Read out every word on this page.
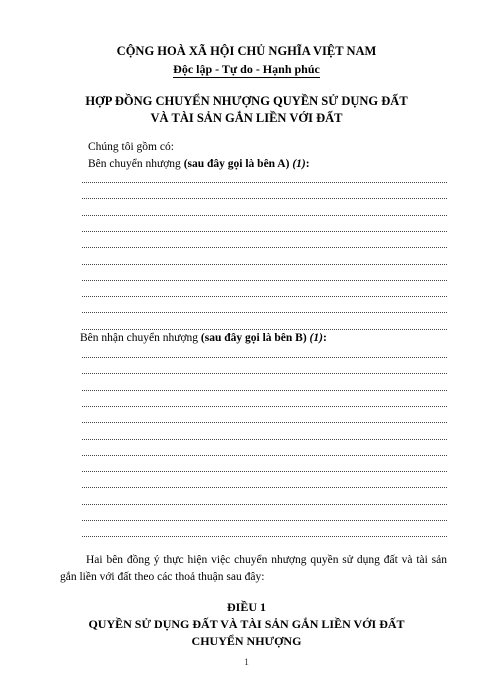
CỘNG HOÀ XÃ HỘI CHỦ NGHĨA VIỆT NAM
Độc lập - Tự do - Hạnh phúc
HỢP ĐỒNG CHUYỂN NHƯỢNG QUYỀN SỬ DỤNG ĐẤT
VÀ TÀI SẢN GẮN LIỀN VỚI ĐẤT
Chúng tôi gồm có:
Bên chuyển nhượng (sau đây gọi là bên A) (1):
Bên nhận chuyển nhượng (sau đây gọi là bên B) (1):
Hai bên đồng ý thực hiện việc chuyển nhượng quyền sử dụng đất và tài sản gắn liền với đất theo các thoả thuận sau đây:
ĐIỀU 1
QUYỀN SỬ DỤNG ĐẤT VÀ TÀI SẢN GẮN LIỀN VỚI ĐẤT
CHUYỂN NHƯỢNG
1
